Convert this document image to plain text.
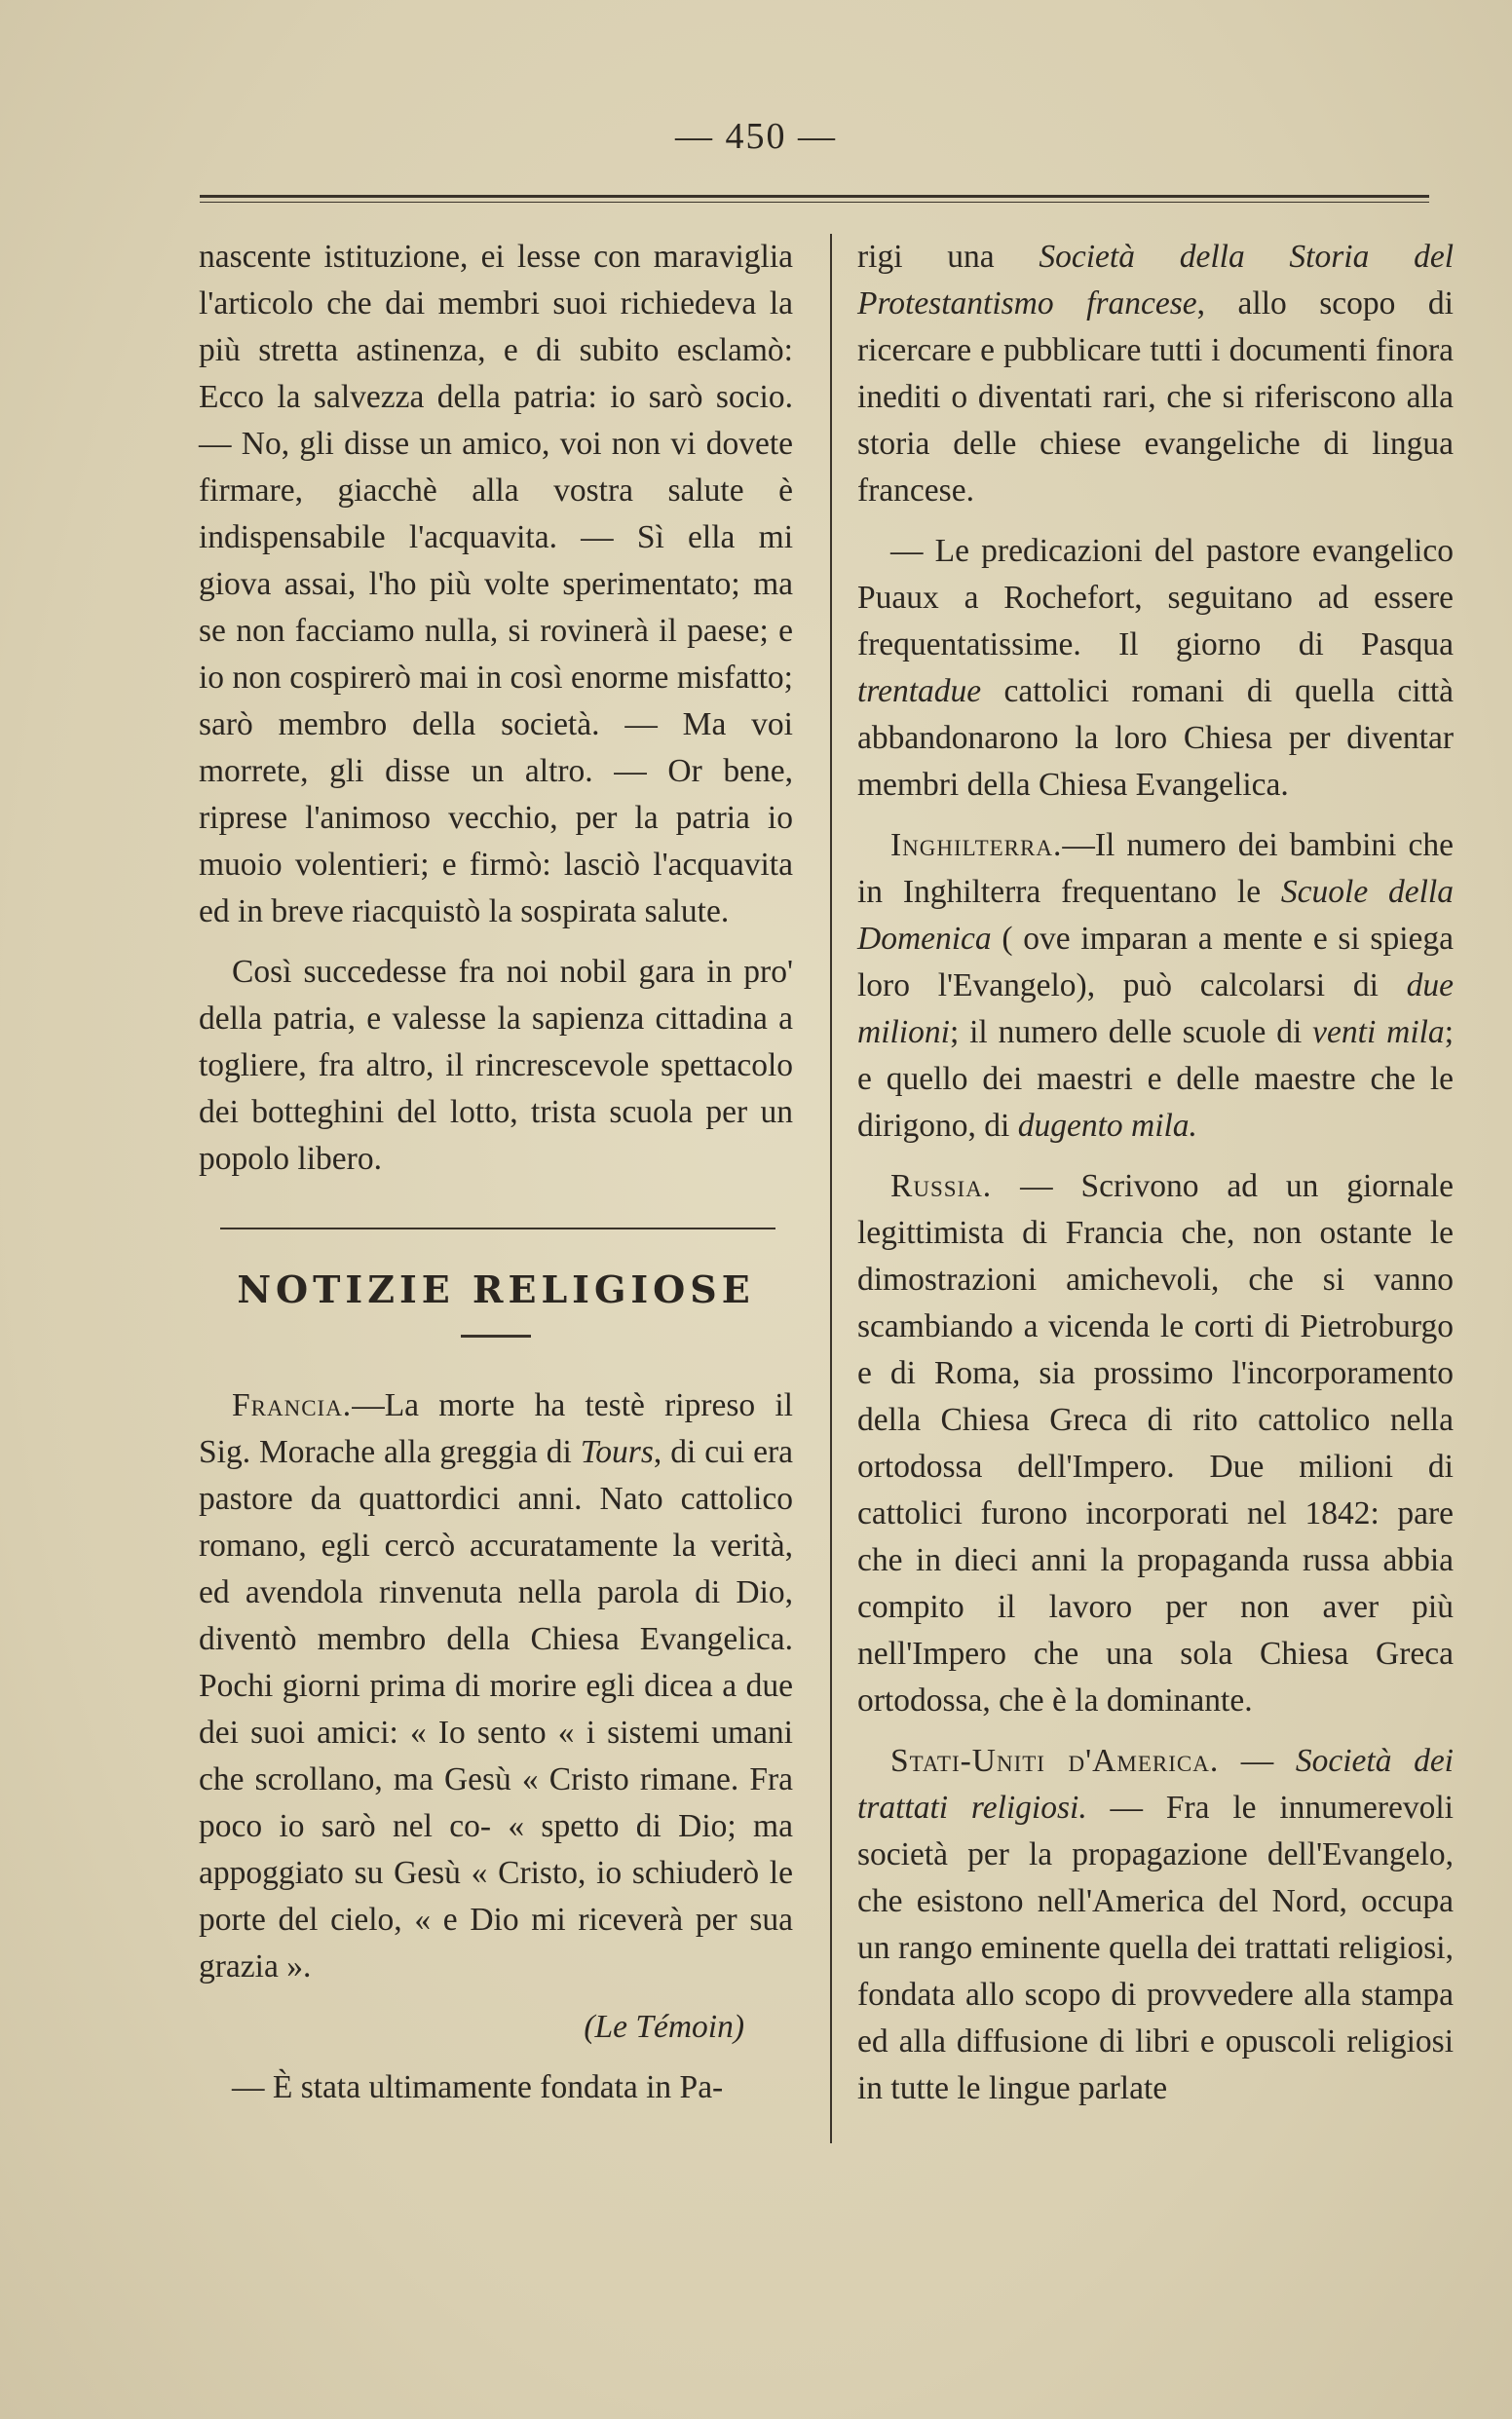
— 450 —

nascente istituzione, ei lesse con maraviglia l'articolo che dai membri suoi richiedeva la più stretta astinenza, e di subito esclamò: Ecco la salvezza della patria: io sarò socio. — No, gli disse un amico, voi non vi dovete firmare, giacchè alla vostra salute è indispensabile l'acquavita. — Sì ella mi giova assai, l'ho più volte sperimentato; ma se non facciamo nulla, si rovinerà il paese; e io non cospirerò mai in così enorme misfatto; sarò membro della società. — Ma voi morrete, gli disse un altro. — Or bene, riprese l'animoso vecchio, per la patria io muoio volentieri; e firmò: lasciò l'acquavita ed in breve riacquistò la sospirata salute.

Così succedesse fra noi nobil gara in pro' della patria, e valesse la sapienza cittadina a togliere, fra altro, il rincrescevole spettacolo dei botteghini del lotto, trista scuola per un popolo libero.

NOTIZIE RELIGIOSE

Francia.—La morte ha testè ripreso il Sig. Morache alla greggia di Tours, di cui era pastore da quattordici anni. Nato cattolico romano, egli cercò accuratamente la verità, ed avendola rinvenuta nella parola di Dio, diventò membro della Chiesa Evangelica. Pochi giorni prima di morire egli dicea a due dei suoi amici: « Io sento « i sistemi umani che scrollano, ma Gesù « Cristo rimane. Fra poco io sarò nel co- « spetto di Dio; ma appoggiato su Gesù « Cristo, io schiuderò le porte del cielo, « e Dio mi riceverà per sua grazia ».

(Le Témoin)

— È stata ultimamente fondata in Pa-

rigi una Società della Storia del Protestantismo francese, allo scopo di ricercare e pubblicare tutti i documenti finora inediti o diventati rari, che si riferiscono alla storia delle chiese evangeliche di lingua francese.

— Le predicazioni del pastore evangelico Puaux a Rochefort, seguitano ad essere frequentatissime. Il giorno di Pasqua trentadue cattolici romani di quella città abbandonarono la loro Chiesa per diventar membri della Chiesa Evangelica.

Inghilterra.—Il numero dei bambini che in Inghilterra frequentano le Scuole della Domenica ( ove imparan a mente e si spiega loro l'Evangelo), può calcolarsi di due milioni; il numero delle scuole di venti mila; e quello dei maestri e delle maestre che le dirigono, di dugento mila.

Russia. — Scrivono ad un giornale legittimista di Francia che, non ostante le dimostrazioni amichevoli, che si vanno scambiando a vicenda le corti di Pietroburgo e di Roma, sia prossimo l'incorporamento della Chiesa Greca di rito cattolico nella ortodossa dell'Impero. Due milioni di cattolici furono incorporati nel 1842: pare che in dieci anni la propaganda russa abbia compito il lavoro per non aver più nell'Impero che una sola Chiesa Greca ortodossa, che è la dominante.

Stati-Uniti d'America. — Società dei trattati religiosi. — Fra le innumerevoli società per la propagazione dell'Evangelo, che esistono nell'America del Nord, occupa un rango eminente quella dei trattati religiosi, fondata allo scopo di provvedere alla stampa ed alla diffusione di libri e opuscoli religiosi in tutte le lingue parlate
